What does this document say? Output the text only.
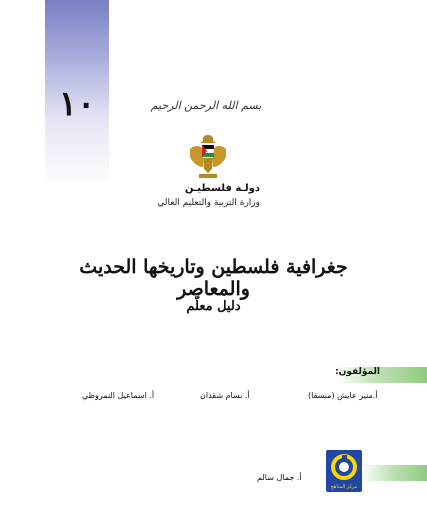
١٠	بسم الله الرحمن الرحيم
دولـة فلسطيـن
وزارة التربية والتعليم العالي
جغرافية فلسطين وتاريخها الحديث والمعاصر
دليل معلّم
المؤلفون:
أ.منير عايش (منسقا)
أ. بسام شقدان
أ. اسماعيل النمروطي
أ. جمال سالم
مركز المناهج
